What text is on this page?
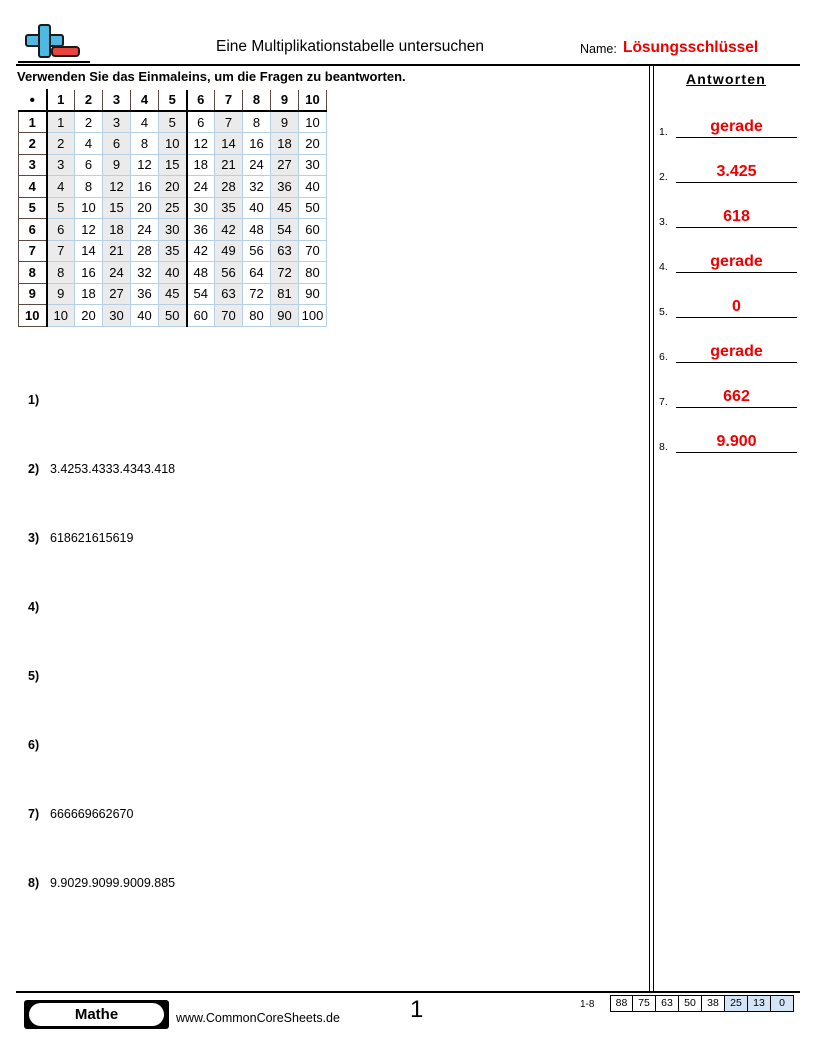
Eine Multiplikationstabelle untersuchen	Name: Lösungsschlüssel
Verwenden Sie das Einmaleins, um die Fragen zu beantworten.
•	1	2	3	4	5	6	7	8	9	10
1	1	2	3	4	5	6	7	8	9	10
2	2	4	6	8	10	12	14	16	18	20
3	3	6	9	12	15	18	21	24	27	30
4	4	8	12	16	20	24	28	32	36	40
5	5	10	15	20	25	30	35	40	45	50
6	6	12	18	24	30	36	42	48	54	60
7	7	14	21	28	35	42	49	56	63	70
8	8	16	24	32	40	48	56	64	72	80
9	9	18	27	36	45	54	63	72	81	90
10	10	20	30	40	50	60	70	80	90	100
1)
2) 3.4253.4333.4343.418
3) 618621615619
4)
5)
6)
7) 666669662670
8) 9.9029.9099.9009.885
Antworten
1.	gerade
2.	3.425
3.	618
4.	gerade
5.	0
6.	gerade
7.	662
8.	9.900
Mathe	www.CommonCoreSheets.de	1	1-8	88	75	63	50	38	25	13	0
